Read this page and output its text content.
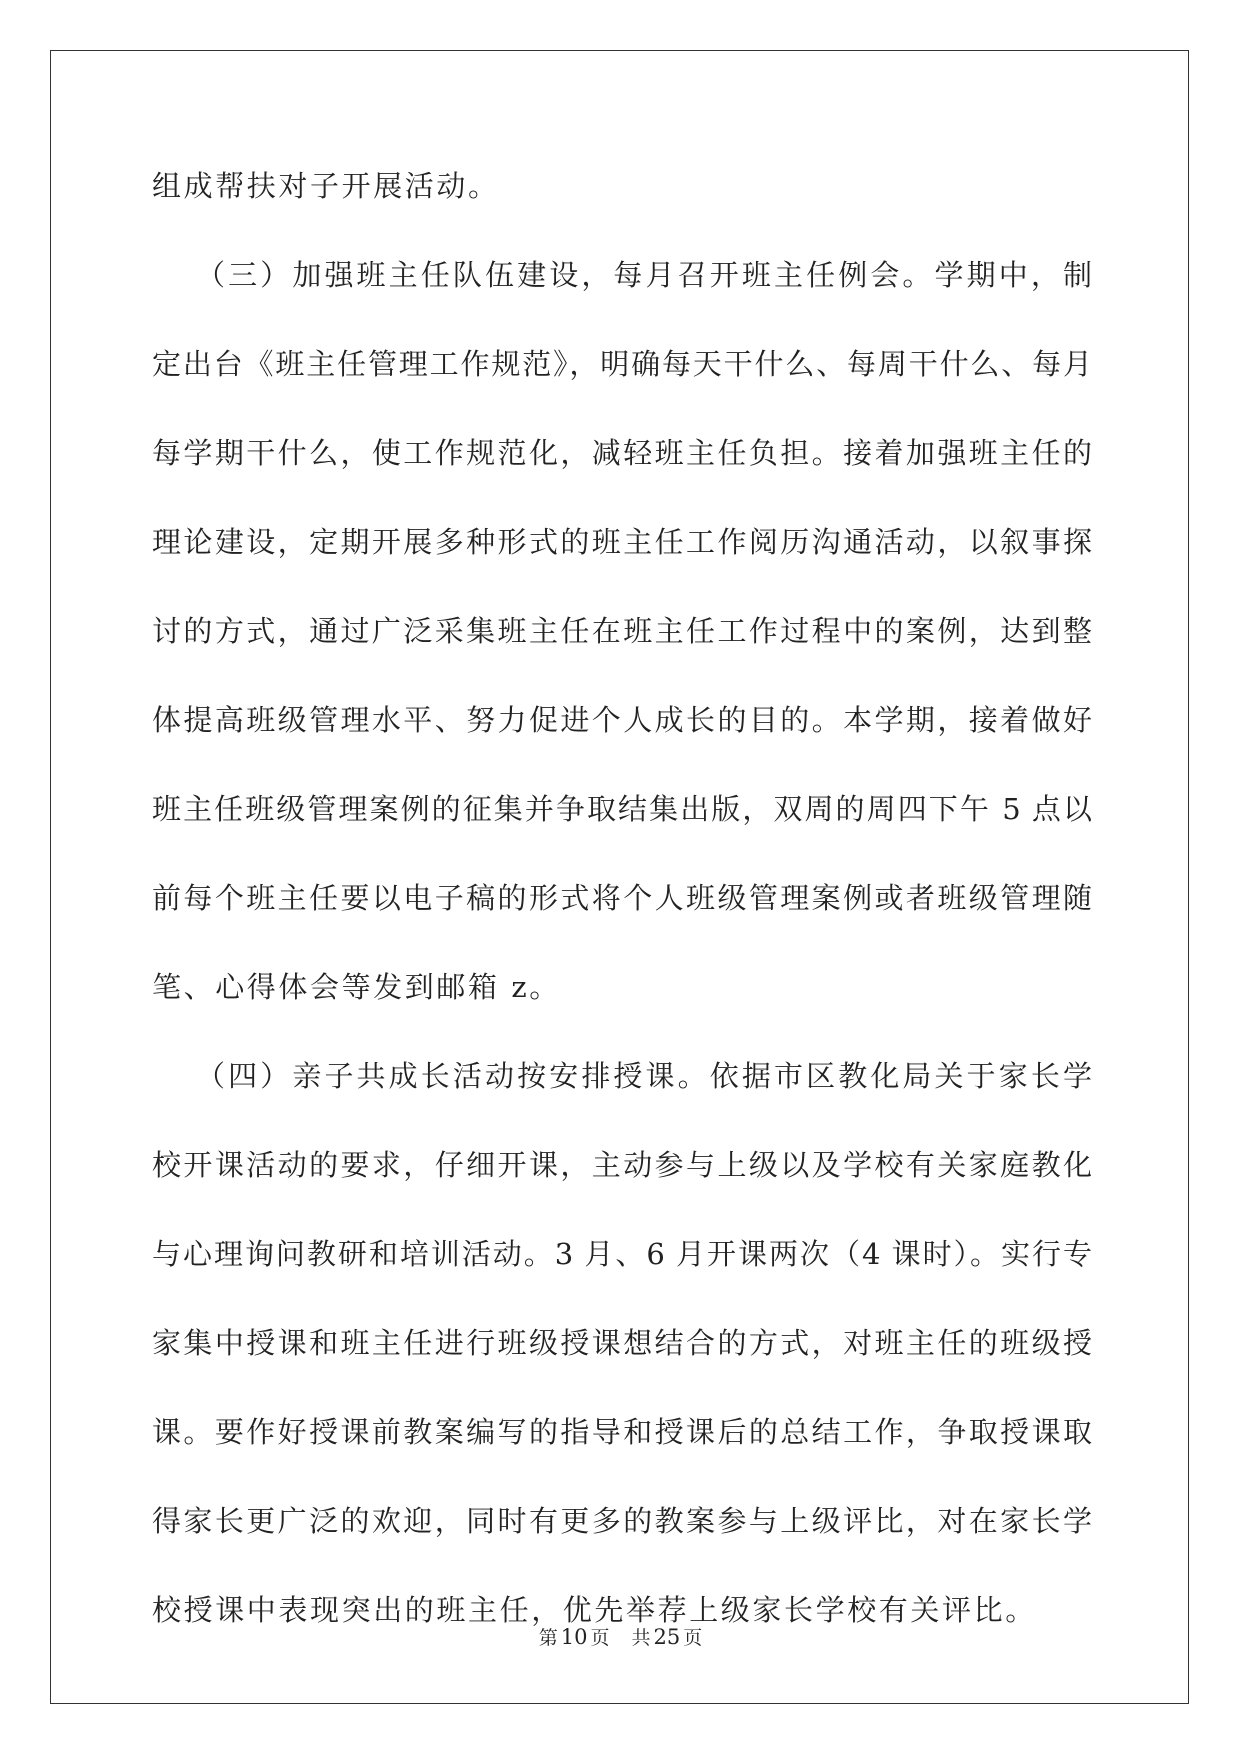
组成帮扶对子开展活动。
（三）加强班主任队伍建设，每月召开班主任例会。学期中，制
定出台《班主任管理工作规范》，明确每天干什么、每周干什么、每月
每学期干什么，使工作规范化，减轻班主任负担。接着加强班主任的
理论建设，定期开展多种形式的班主任工作阅历沟通活动，以叙事探
讨的方式，通过广泛采集班主任在班主任工作过程中的案例，达到整
体提高班级管理水平、努力促进个人成长的目的。本学期，接着做好
班主任班级管理案例的征集并争取结集出版，双周的周四下午 5 点以
前每个班主任要以电子稿的形式将个人班级管理案例或者班级管理随
笔、心得体会等发到邮箱 z。
（四）亲子共成长活动按安排授课。依据市区教化局关于家长学
校开课活动的要求，仔细开课，主动参与上级以及学校有关家庭教化
与心理询问教研和培训活动。3 月、6 月开课两次（4 课时）。实行专
家集中授课和班主任进行班级授课想结合的方式，对班主任的班级授
课。要作好授课前教案编写的指导和授课后的总结工作，争取授课取
得家长更广泛的欢迎，同时有更多的教案参与上级评比，对在家长学
校授课中表现突出的班主任，优先举荐上级家长学校有关评比。
第 10 页 共 25 页
